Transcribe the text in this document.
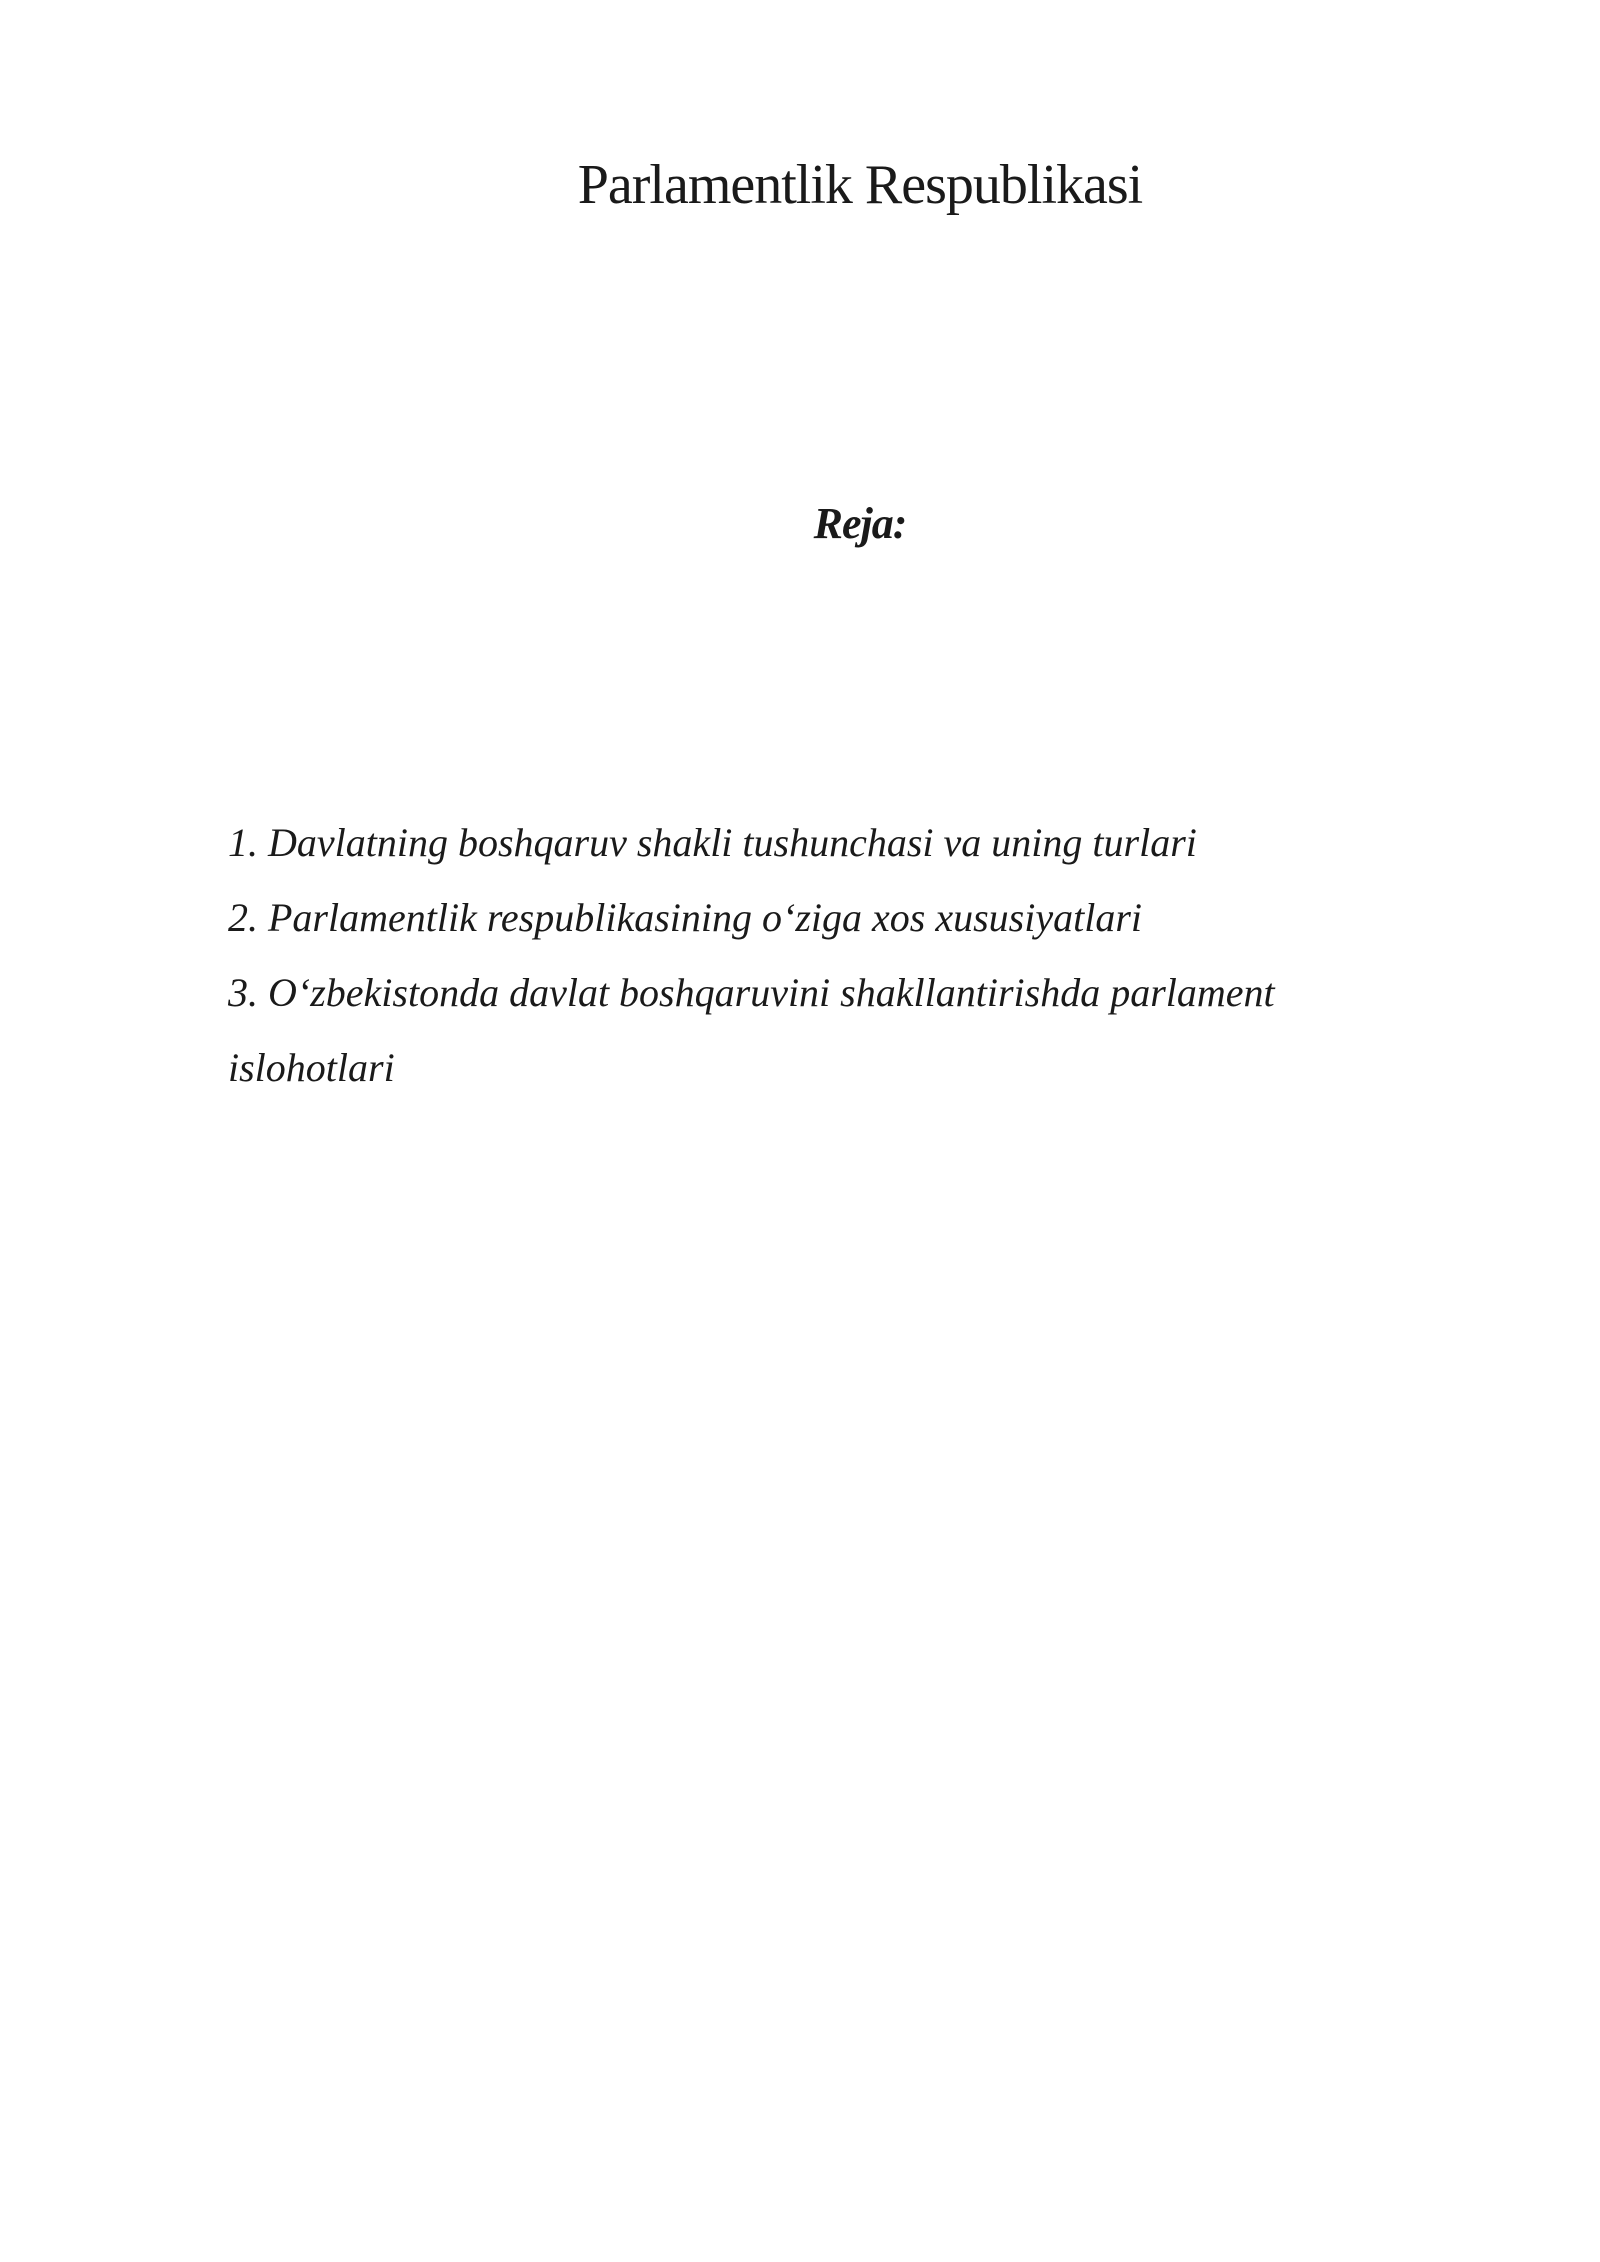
Parlamentlik Respublikasi
Reja:
1. Davlatning boshqaruv shakli tushunchasi va uning turlari
2. Parlamentlik respublikasining o‘ziga xos xususiyatlari
3. O‘zbekistonda davlat boshqaruvini shakllantirishda parlament islohotlari
